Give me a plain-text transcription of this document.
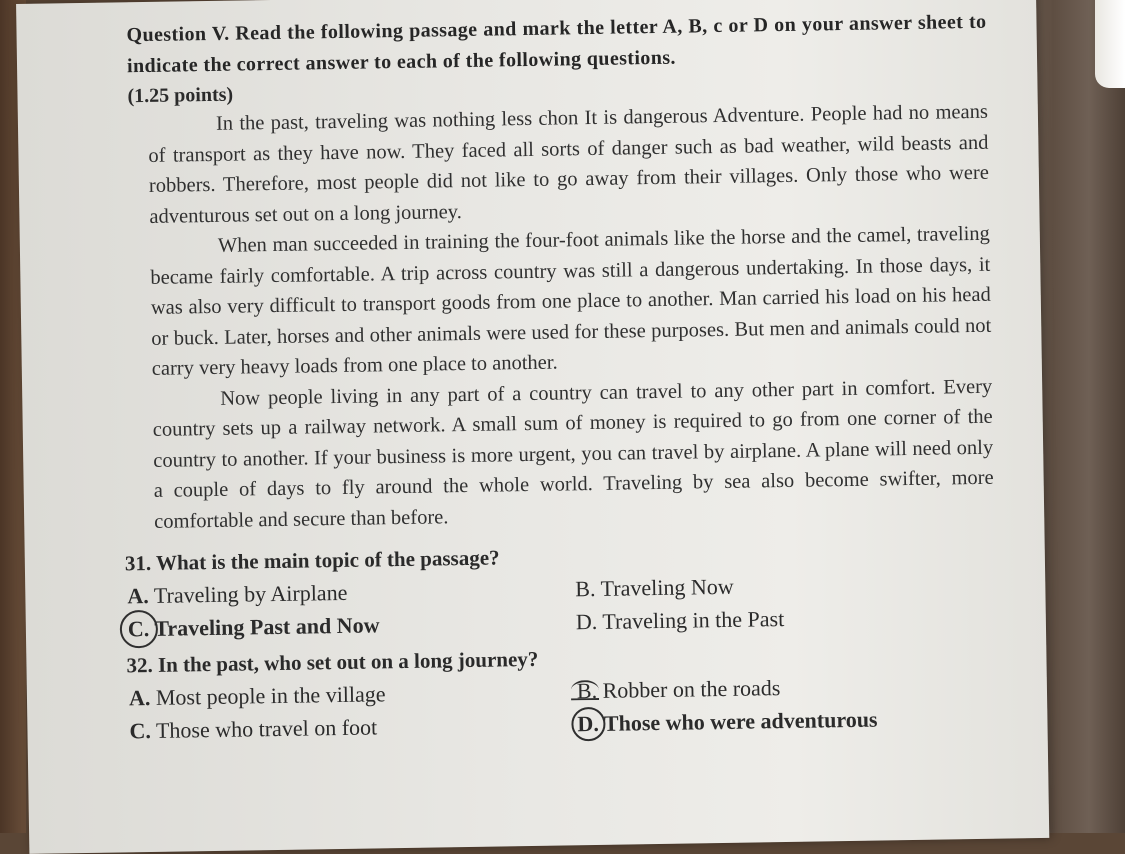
Question V. Read the following passage and mark the letter A, B, c or D on your answer sheet to indicate the correct answer to each of the following questions.

(1.25 points)

In the past, traveling was nothing less chon It is dangerous Adventure. People had no means of transport as they have now. They faced all sorts of danger such as bad weather, wild beasts and robbers. Therefore, most people did not like to go away from their villages. Only those who were adventurous set out on a long journey.

When man succeeded in training the four-foot animals like the horse and the camel, traveling became fairly comfortable. A trip across country was still a dangerous undertaking. In those days, it was also very difficult to transport goods from one place to another. Man carried his load on his head or buck. Later, horses and other animals were used for these purposes. But men and animals could not carry very heavy loads from one place to another.

Now people living in any part of a country can travel to any other part in comfort. Every country sets up a railway network. A small sum of money is required to go from one corner of the country to another. If your business is more urgent, you can travel by airplane. A plane will need only a couple of days to fly around the whole world. Traveling by sea also become swifter, more comfortable and secure than before.

31. What is the main topic of the passage?

A. Traveling by Airplane	B. Traveling Now
C. Traveling Past and Now	D. Traveling in the Past

32. In the past, who set out on a long journey?

A. Most people in the village	B. Robber on the roads
C. Those who travel on foot	D. Those who were adventurous
